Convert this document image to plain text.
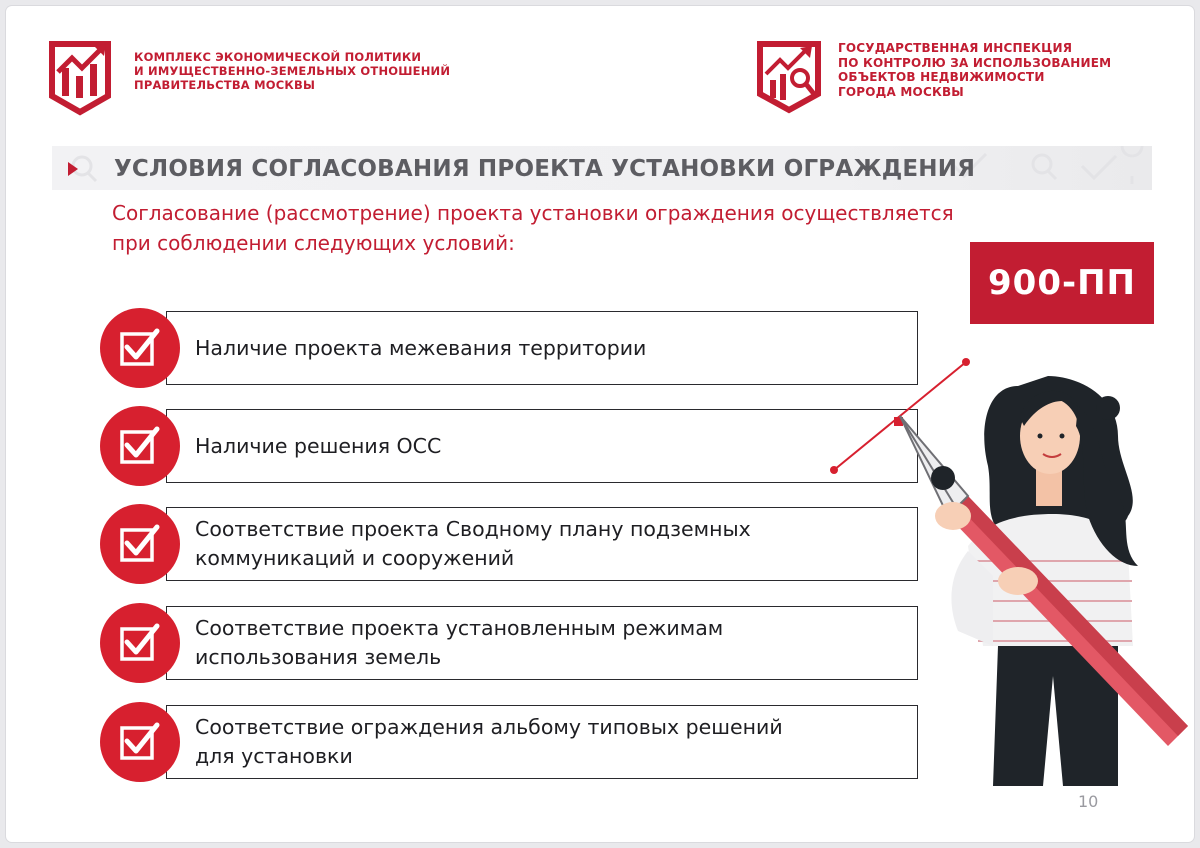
КОМПЛЕКС ЭКОНОМИЧЕСКОЙ ПОЛИТИКИ
И ИМУЩЕСТВЕННО-ЗЕМЕЛЬНЫХ ОТНОШЕНИЙ
ПРАВИТЕЛЬСТВА МОСКВЫ
ГОСУДАРСТВЕННАЯ ИНСПЕКЦИЯ
ПО КОНТРОЛЮ ЗА ИСПОЛЬЗОВАНИЕМ
ОБЪЕКТОВ НЕДВИЖИМОСТИ
ГОРОДА МОСКВЫ
УСЛОВИЯ СОГЛАСОВАНИЯ ПРОЕКТА УСТАНОВКИ ОГРАЖДЕНИЯ
Согласование (рассмотрение) проекта установки ограждения осуществляется
при соблюдении следующих условий:
900-ПП
Наличие проекта межевания территории
Наличие решения ОСС
Соответствие проекта Сводному плану подземных
коммуникаций и сооружений
Соответствие проекта установленным режимам
использования земель
Соответствие ограждения альбому типовых решений
для установки
10
